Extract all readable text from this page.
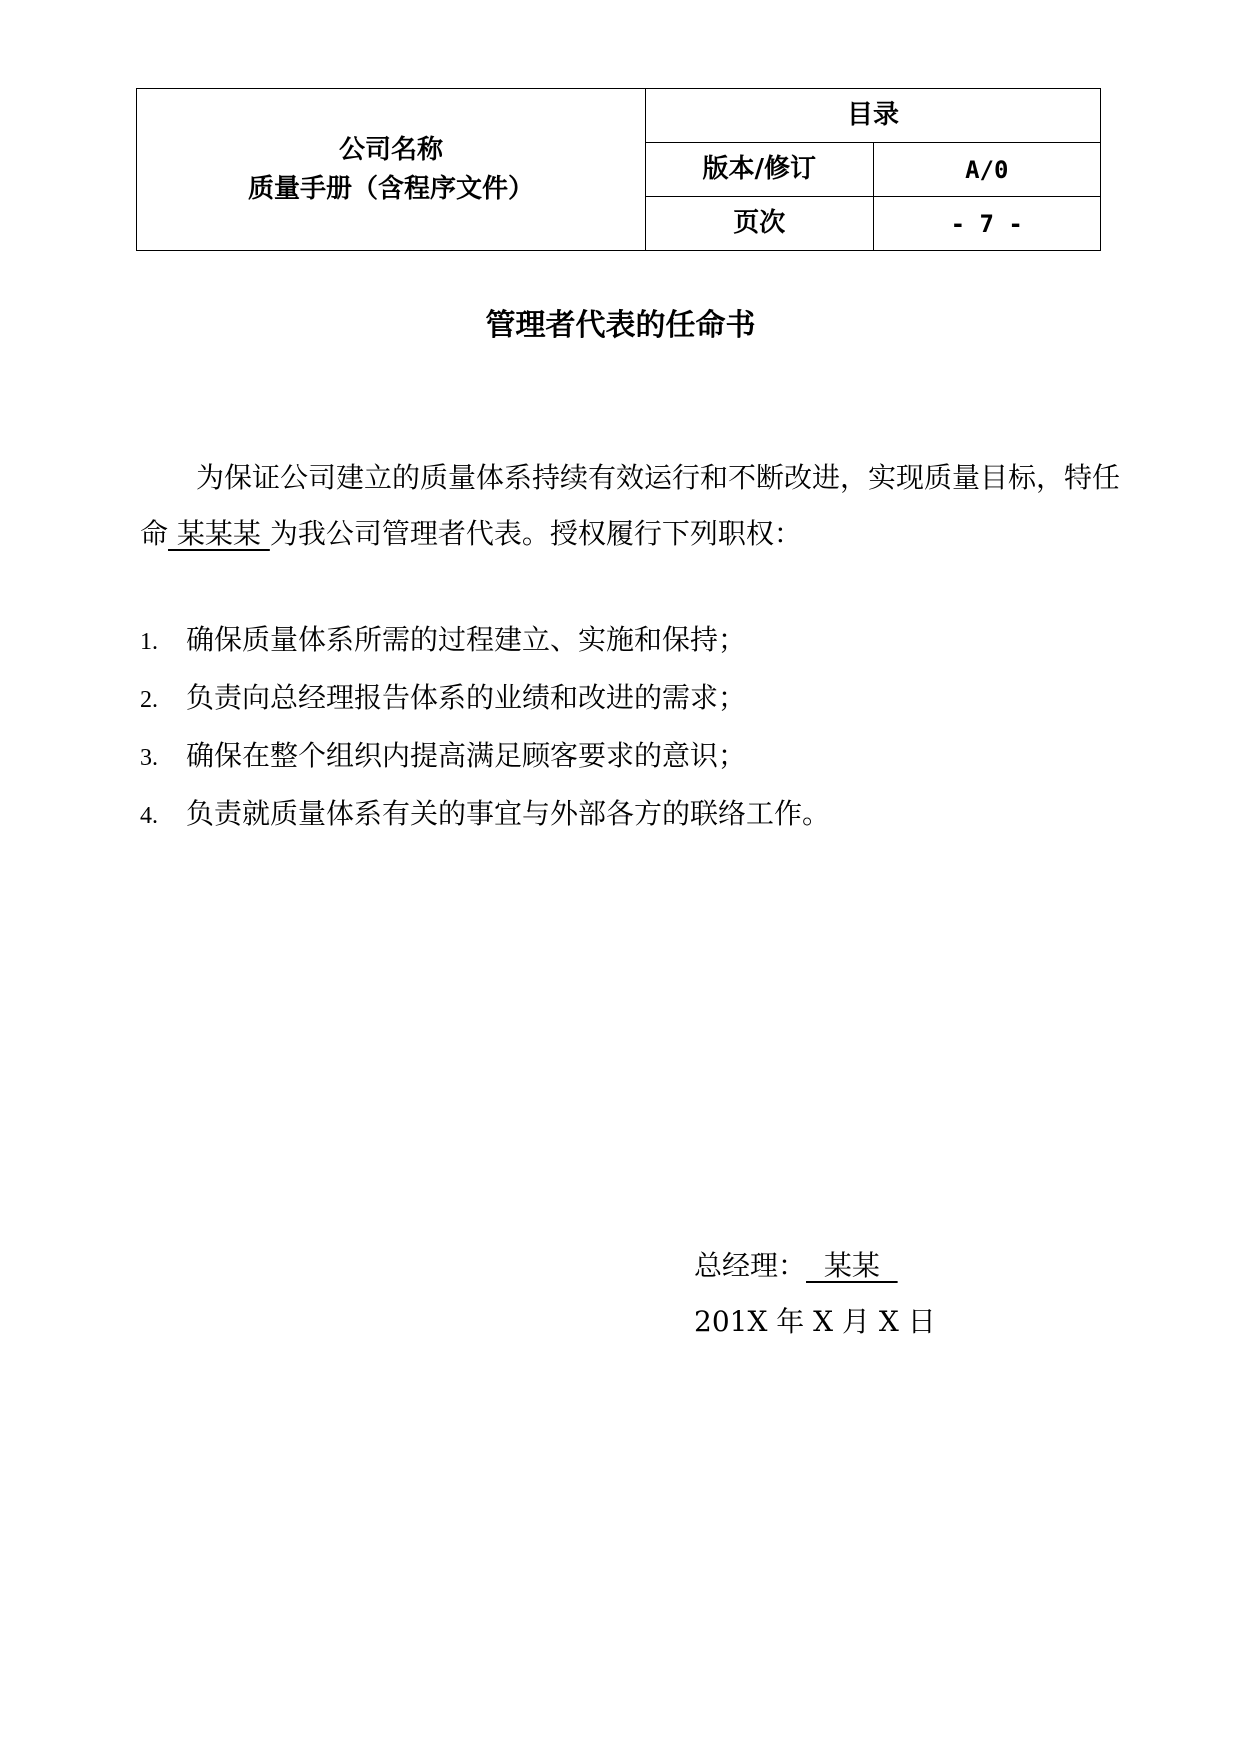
公司名称
质量手册（含程序文件）	目录	
	版本/修订	A/0
	页次	- 7 -
管理者代表的任命书

为保证公司建立的质量体系持续有效运行和不断改进，实现质量目标，特任命 某某某 为我公司管理者代表。授权履行下列职权：

1. 确保质量体系所需的过程建立、实施和保持；
2. 负责向总经理报告体系的业绩和改进的需求；
3. 确保在整个组织内提高满足顾客要求的意识；
4. 负责就质量体系有关的事宜与外部各方的联络工作。
总经理：  某某
201X 年 X 月 X 日
